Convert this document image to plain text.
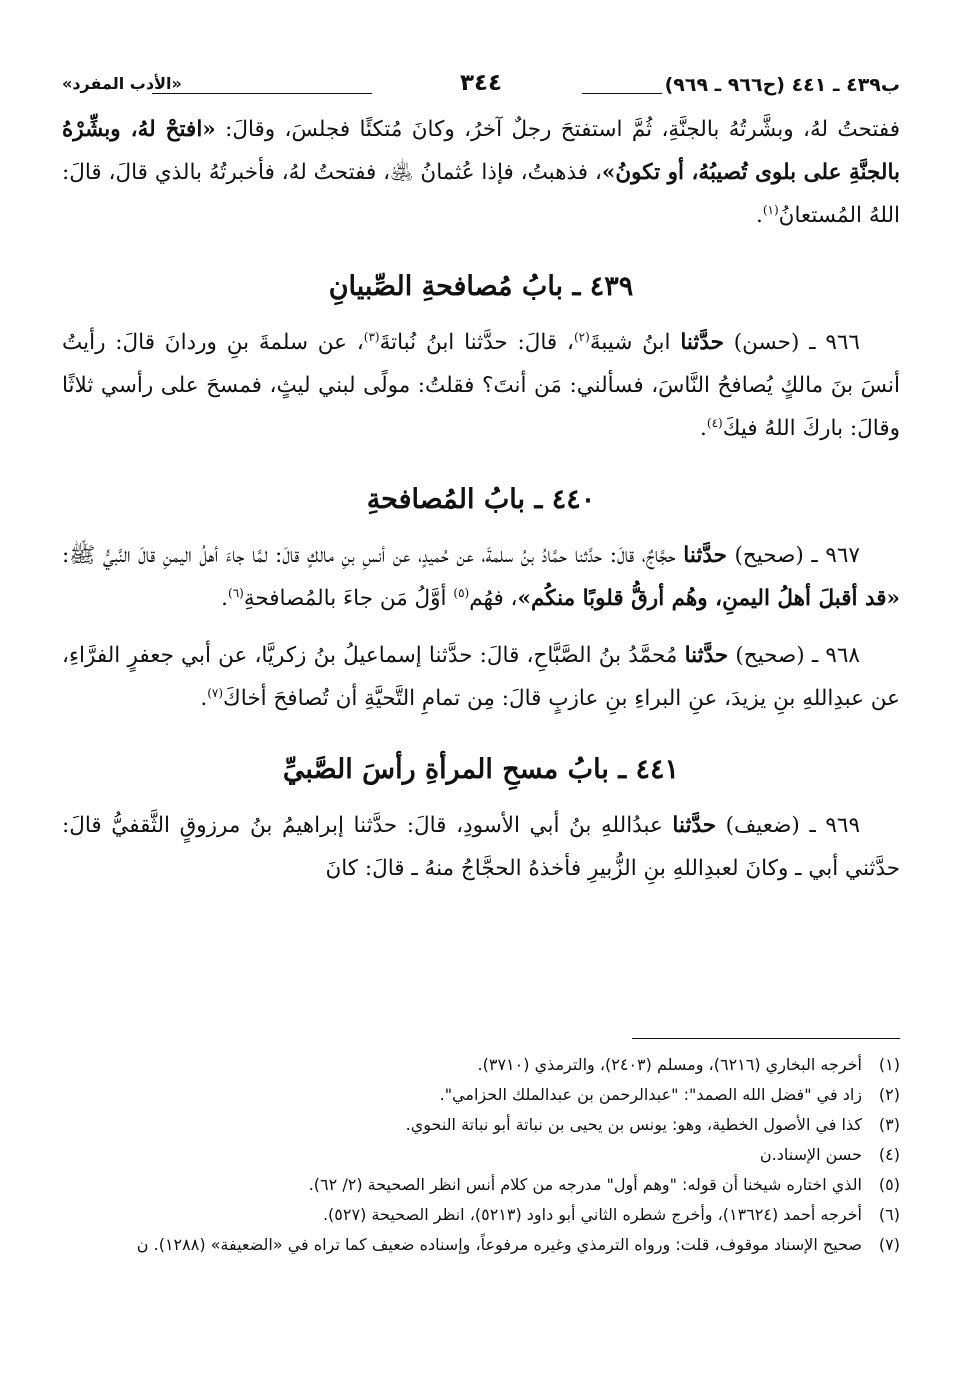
ب٤٣٩ ـ ٤٤١ (ح٩٦٦ ـ ٩٦٩)
٣٤٤
«الأدب المفرد»

ففتحتُ لهُ، وبشَّرتُهُ بالجنَّةِ، ثُمَّ استفتحَ رجلٌ آخرُ، وكانَ مُتكئًا فجلسَ، وقالَ: «افتحْ لهُ، وبشِّرْهُ بالجنَّةِ على بلوى تُصيبُهُ، أو تكونُ»، فذهبتُ، فإذا عُثمانُ ﵁، ففتحتُ لهُ، فأخبرتُهُ بالذي قالَ، قالَ: اللهُ المُستعانُ$^{(١)}$.

٤٣٩ ـ بابُ مُصافحةِ الصِّبيانِ

٩٦٦ ـ (حسن) حدَّثنا ابنُ شيبةَ$^{(٢)}$، قالَ: حدَّثنا ابنُ نُباتةَ$^{(٣)}$، عن سلمةَ بنِ وردانَ قالَ: رأيتُ أنسَ بنَ مالكٍ يُصافحُ النَّاسَ، فسألني: مَن أنتَ؟ فقلتُ: مولًى لبني ليثٍ، فمسحَ على رأسي ثلاثًا وقالَ: باركَ اللهُ فيكَ$^{(٤)}$.

٤٤٠ ـ بابُ المُصافحةِ

٩٦٧ ـ (صحيح) حدَّثنا حجَّاجٌ، قالَ: حدَّثنا حمَّادُ بنُ سلمةَ، عن حُميدٍ، عن أنسِ بنِ مالكٍ قالَ: لمَّا جاءَ أهلُ اليمنِ قالَ النَّبيُّ ﷺ: «قد أقبلَ أهلُ اليمنِ، وهُم أرقُّ قلوبًا منكُم»، فهُم$^{(٥)}$ أوَّلُ مَن جاءَ بالمُصافحةِ$^{(٦)}$.

٩٦٨ ـ (صحيح) حدَّثنا مُحمَّدُ بنُ الصَّبَّاحِ، قالَ: حدَّثنا إسماعيلُ بنُ زكريَّا، عن أبي جعفرٍ الفرَّاءِ، عن عبدِاللهِ بنِ يزيدَ، عنِ البراءِ بنِ عازبٍ قالَ: مِن تمامِ التَّحيَّةِ أن تُصافحَ أخاكَ$^{(٧)}$.

٤٤١ ـ بابُ مسحِ المرأةِ رأسَ الصَّبيِّ

٩٦٩ ـ (ضعيف) حدَّثنا عبدُاللهِ بنُ أبي الأسودِ، قالَ: حدَّثنا إبراهيمُ بنُ مرزوقٍ الثَّقفيُّ قالَ: حدَّثني أبي ـ وكانَ لعبدِاللهِ بنِ الزُّبيرِ فأخذهُ الحجَّاجُ منهُ ـ قالَ: كانَ

(١)
أخرجه البخاري (٦٢١٦)، ومسلم (٢٤٠٣)، والترمذي (٣٧١٠).
(٢)
زاد في "فضل الله الصمد": "عبدالرحمن بن عبدالملك الحزامي".
(٣)
كذا في الأصول الخطية، وهو: يونس بن يحيى بن نباتة أبو نباتة النحوي.
(٤)
حسن الإسناد.ن
(٥)
الذي اختاره شيخنا أن قوله: "وهم أول" مدرجه من كلام أنس انظر الصحيحة (٢/ ٦٢).
(٦)
أخرجه أحمد (١٣٦٢٤)، وأخرج شطره الثاني أبو داود (٥٢١٣)، انظر الصحيحة (٥٢٧).
(٧)
صحيح الإسناد موقوف، قلت: ورواه الترمذي وغيره مرفوعاً، وإسناده ضعيف كما تراه في «الضعيفة» (١٢٨٨). ن
